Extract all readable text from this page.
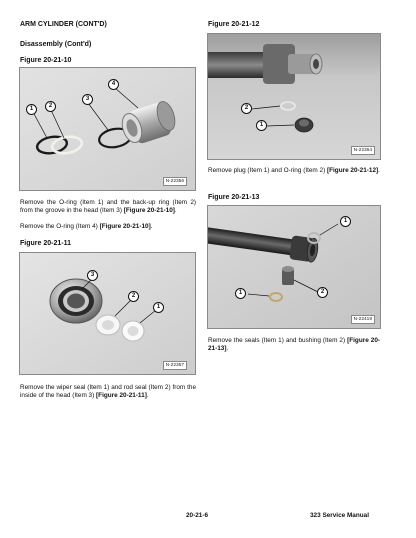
ARM CYLINDER (CONT'D)
Disassembly (Cont'd)
Figure 20-21-10
1	2
3
4
N-22356
Remove the O-ring (Item 1) and the back-up ring (Item 2) from the groove in the head (Item 3) [Figure 20-21-10].
Remove the O-ring (Item 4) [Figure 20-21-10].
Figure 20-21-11
3
2
1
N-22357
Remove the wiper seal (Item 1) and rod seal (Item 2) from the inside of the head (Item 3) [Figure 20-21-11].
Figure 20-21-12
2
1
N-22364
Remove plug (Item 1) and O-ring (Item 2) [Figure 20-21-12].
Figure 20-21-13
1
1	2
N-22419
Remove the seals (Item 1) and bushing (Item 2) [Figure 20-21-13].
20-21-6	323 Service Manual
